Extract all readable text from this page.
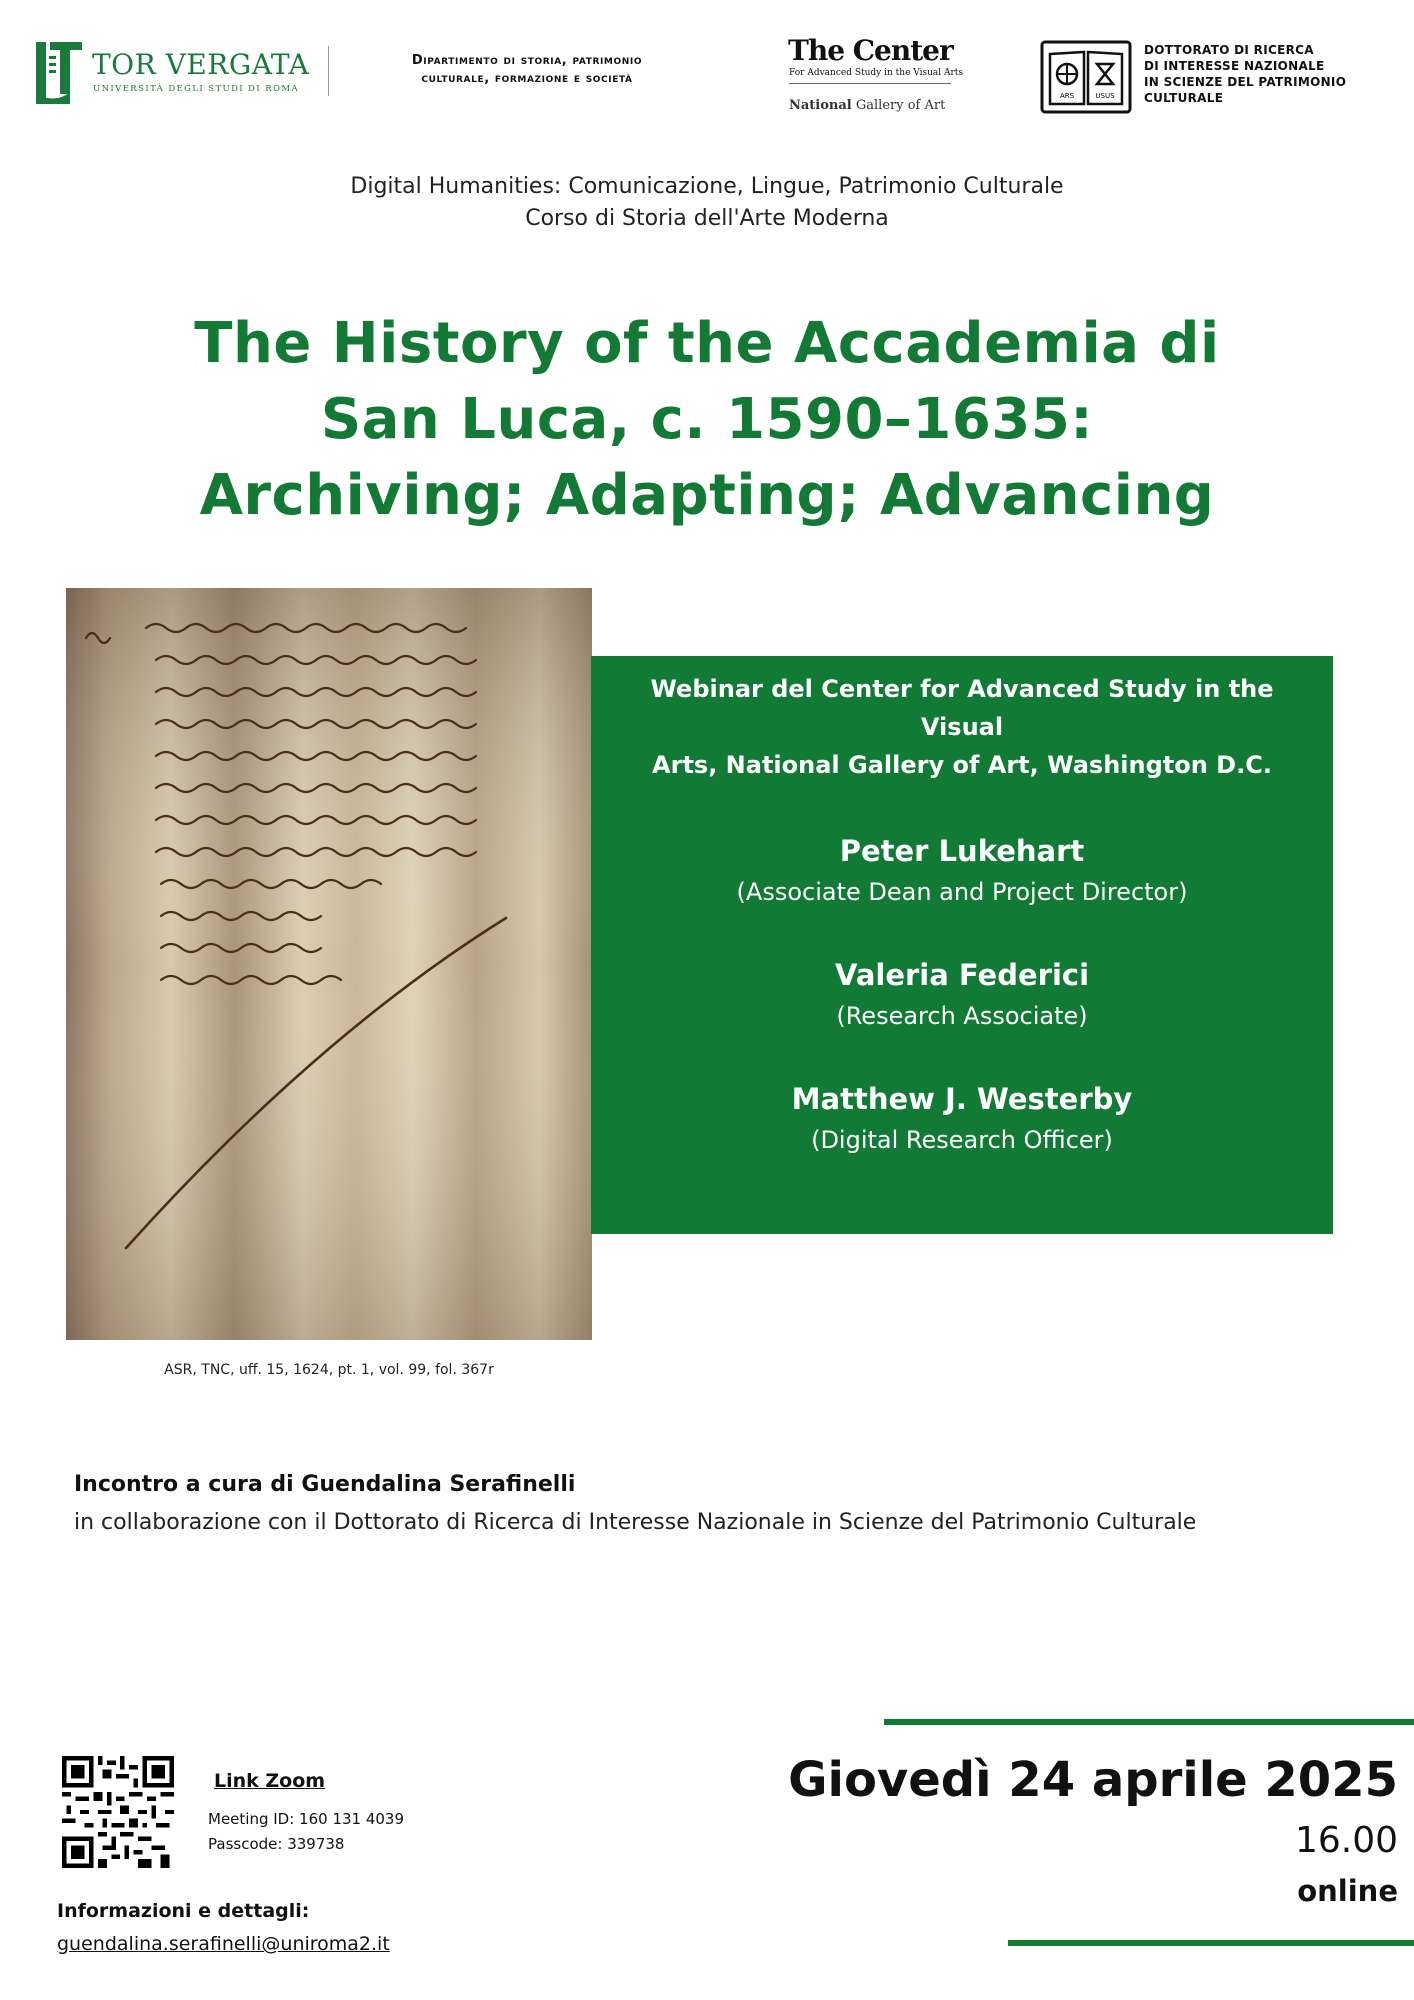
TOR VERGATA
UNIVERSITÀ DEGLI STUDI DI ROMA
Dipartimento di storia, patrimonio
culturale, formazione e società
The Center
For Advanced Study in the Visual Arts
National Gallery of Art
ARS	USUS
DOTTORATO DI RICERCA
DI INTERESSE NAZIONALE
IN SCIENZE DEL PATRIMONIO
CULTURALE
Digital Humanities: Comunicazione, Lingue, Patrimonio Culturale
Corso di Storia dell'Arte Moderna
The History of the Accademia di
San Luca, c. 1590–1635:
Archiving; Adapting; Advancing
ASR, TNC, uff. 15, 1624, pt. 1, vol. 99, fol. 367r
Webinar del Center for Advanced Study in the Visual
Arts, National Gallery of Art, Washington D.C.
Peter Lukehart
(Associate Dean and Project Director)
Valeria Federici
(Research Associate)
Matthew J. Westerby
(Digital Research Officer)
Incontro a cura di Guendalina Serafinelli
in collaborazione con il Dottorato di Ricerca di Interesse Nazionale in Scienze del Patrimonio Culturale
Link Zoom
Meeting ID: 160 131 4039
Passcode: 339738
Informazioni e dettagli:
guendalina.serafinelli@uniroma2.it
Giovedì 24 aprile 2025
16.00
online
